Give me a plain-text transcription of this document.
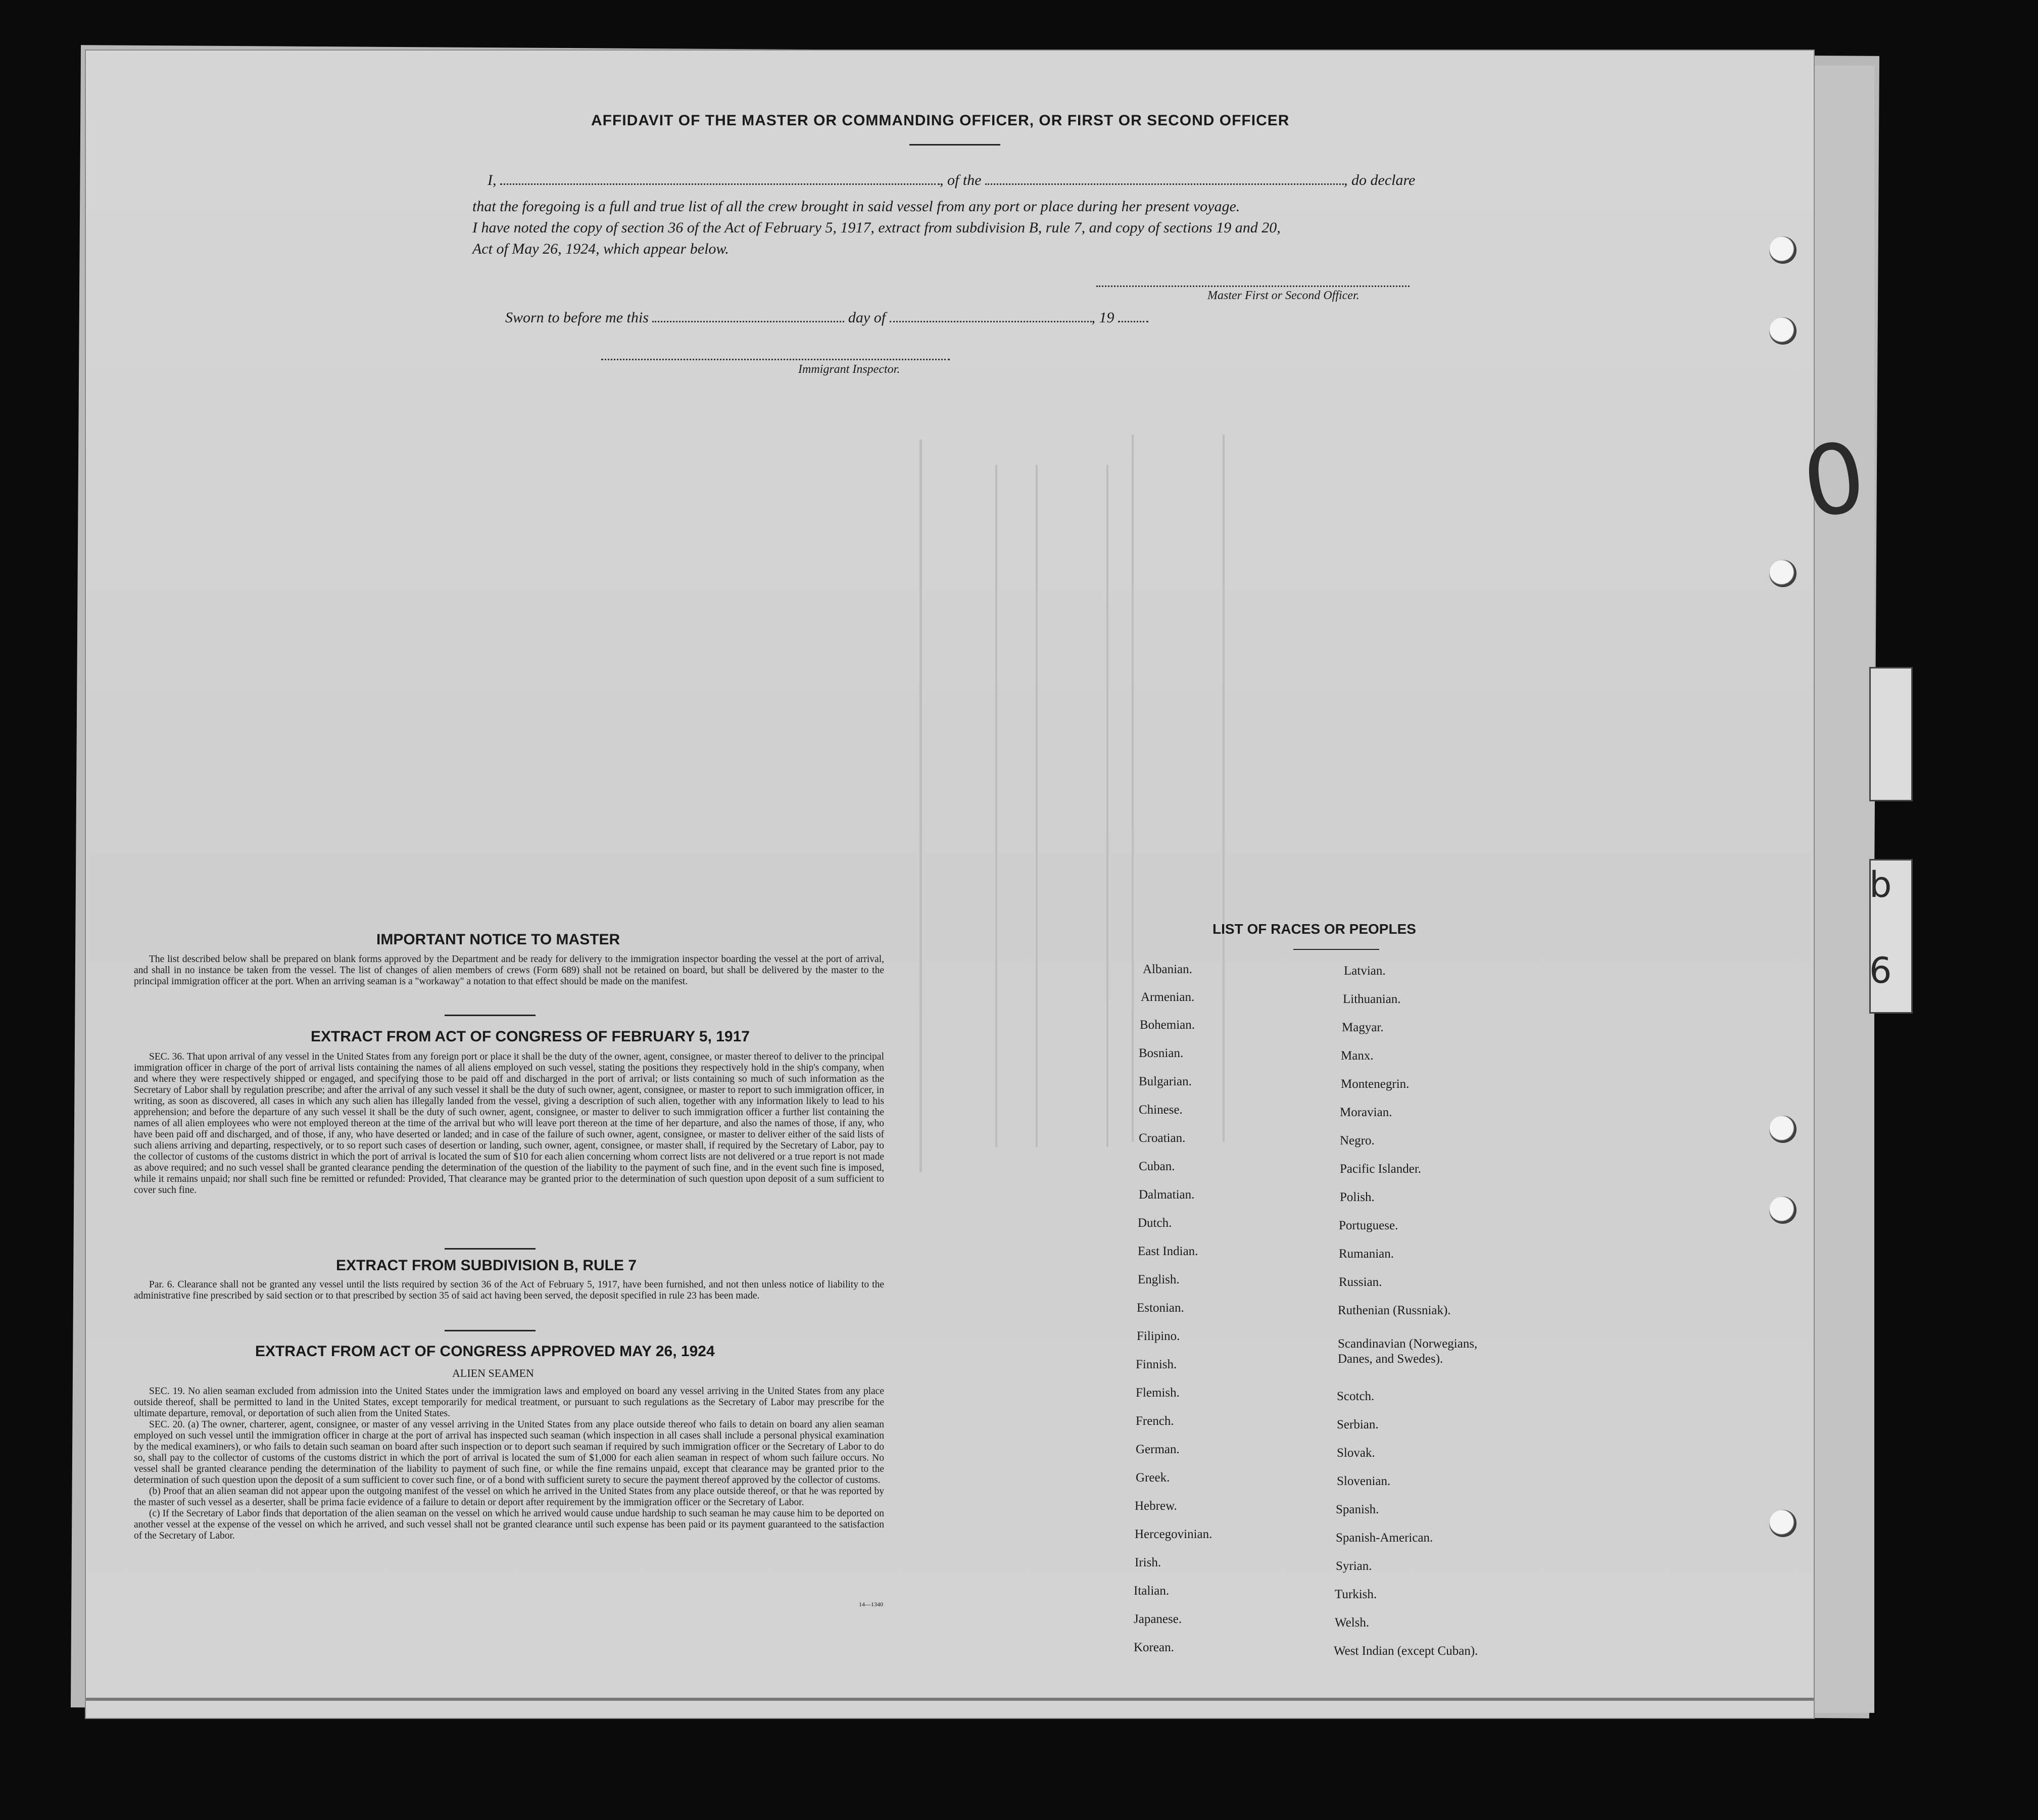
0
b
6
AFFIDAVIT OF THE MASTER OR COMMANDING OFFICER, OR FIRST OR SECOND OFFICER
I,	, of the	, do declare
that the foregoing is a full and true list of all the crew brought in said vessel from any port or place during her present voyage.
I have noted the copy of section 36 of the Act of February 5, 1917, extract from subdivision B, rule 7, and copy of sections 19 and 20,
Act of May 26, 1924, which appear below.
Master First or Second Officer.
Sworn to before me this	day of	, 19
Immigrant Inspector.
IMPORTANT NOTICE TO MASTER

The list described below shall be prepared on blank forms approved by the Department and be ready for delivery to the immigration inspector boarding the vessel at the port of arrival, and shall in no instance be taken from the vessel. The list of changes of alien members of crews (Form 689) shall not be retained on board, but shall be delivered by the master to the principal immigration officer at the port. When an arriving seaman is a "workaway" a notation to that effect should be made on the manifest.

EXTRACT FROM ACT OF CONGRESS OF FEBRUARY 5, 1917

SEC. 36. That upon arrival of any vessel in the United States from any foreign port or place it shall be the duty of the owner, agent, consignee, or master thereof to deliver to the principal immigration officer in charge of the port of arrival lists containing the names of all aliens employed on such vessel, stating the positions they respectively hold in the ship's company, when and where they were respectively shipped or engaged, and specifying those to be paid off and discharged in the port of arrival; or lists containing so much of such information as the Secretary of Labor shall by regulation prescribe; and after the arrival of any such vessel it shall be the duty of such owner, agent, consignee, or master to report to such immigration officer, in writing, as soon as discovered, all cases in which any such alien has illegally landed from the vessel, giving a description of such alien, together with any information likely to lead to his apprehension; and before the departure of any such vessel it shall be the duty of such owner, agent, consignee, or master to deliver to such immigration officer a further list containing the names of all alien employees who were not employed thereon at the time of the arrival but who will leave port thereon at the time of her departure, and also the names of those, if any, who have been paid off and discharged, and of those, if any, who have deserted or landed; and in case of the failure of such owner, agent, consignee, or master to deliver either of the said lists of such aliens arriving and departing, respectively, or to so report such cases of desertion or landing, such owner, agent, consignee, or master shall, if required by the Secretary of Labor, pay to the collector of customs of the customs district in which the port of arrival is located the sum of $10 for each alien concerning whom correct lists are not delivered or a true report is not made as above required; and no such vessel shall be granted clearance pending the determination of the question of the liability to the payment of such fine, and in the event such fine is imposed, while it remains unpaid; nor shall such fine be remitted or refunded: Provided, That clearance may be granted prior to the determination of such question upon deposit of a sum sufficient to cover such fine.

EXTRACT FROM SUBDIVISION B, RULE 7

Par. 6. Clearance shall not be granted any vessel until the lists required by section 36 of the Act of February 5, 1917, have been furnished, and not then unless notice of liability to the administrative fine prescribed by said section or to that prescribed by section 35 of said act having been served, the deposit specified in rule 23 has been made.

EXTRACT FROM ACT OF CONGRESS APPROVED MAY 26, 1924
ALIEN SEAMEN

SEC. 19. No alien seaman excluded from admission into the United States under the immigration laws and employed on board any vessel arriving in the United States from any place outside thereof, shall be permitted to land in the United States, except temporarily for medical treatment, or pursuant to such regulations as the Secretary of Labor may prescribe for the ultimate departure, removal, or deportation of such alien from the United States.

SEC. 20. (a) The owner, charterer, agent, consignee, or master of any vessel arriving in the United States from any place outside thereof who fails to detain on board any alien seaman employed on such vessel until the immigration officer in charge at the port of arrival has inspected such seaman (which inspection in all cases shall include a personal physical examination by the medical examiners), or who fails to detain such seaman on board after such inspection or to deport such seaman if required by such immigration officer or the Secretary of Labor to do so, shall pay to the collector of customs of the customs district in which the port of arrival is located the sum of $1,000 for each alien seaman in respect of whom such failure occurs. No vessel shall be granted clearance pending the determination of the liability to payment of such fine, or while the fine remains unpaid, except that clearance may be granted prior to the determination of such question upon the deposit of a sum sufficient to cover such fine, or of a bond with sufficient surety to secure the payment thereof approved by the collector of customs.

(b) Proof that an alien seaman did not appear upon the outgoing manifest of the vessel on which he arrived in the United States from any place outside thereof, or that he was reported by the master of such vessel as a deserter, shall be prima facie evidence of a failure to detain or deport after requirement by the immigration officer or the Secretary of Labor.

(c) If the Secretary of Labor finds that deportation of the alien seaman on the vessel on which he arrived would cause undue hardship to such seaman he may cause him to be deported on another vessel at the expense of the vessel on which he arrived, and such vessel shall not be granted clearance until such expense has been paid or its payment guaranteed to the satisfaction of the Secretary of Labor.

14—1340
LIST OF RACES OR PEOPLES
Albanian.
Armenian.
Bohemian.
Bosnian.
Bulgarian.
Chinese.
Croatian.
Cuban.
Dalmatian.
Dutch.
East Indian.
English.
Estonian.
Filipino.
Finnish.
Flemish.
French.
German.
Greek.
Hebrew.
Hercegovinian.
Irish.
Italian.
Japanese.
Korean.
Latvian.
Lithuanian.
Magyar.
Manx.
Montenegrin.
Moravian.
Negro.
Pacific Islander.
Polish.
Portuguese.
Rumanian.
Russian.
Ruthenian (Russniak).
Scandinavian (Norwegians, Danes, and Swedes).
Scotch.
Serbian.
Slovak.
Slovenian.
Spanish.
Spanish-American.
Syrian.
Turkish.
Welsh.
West Indian (except Cuban).
